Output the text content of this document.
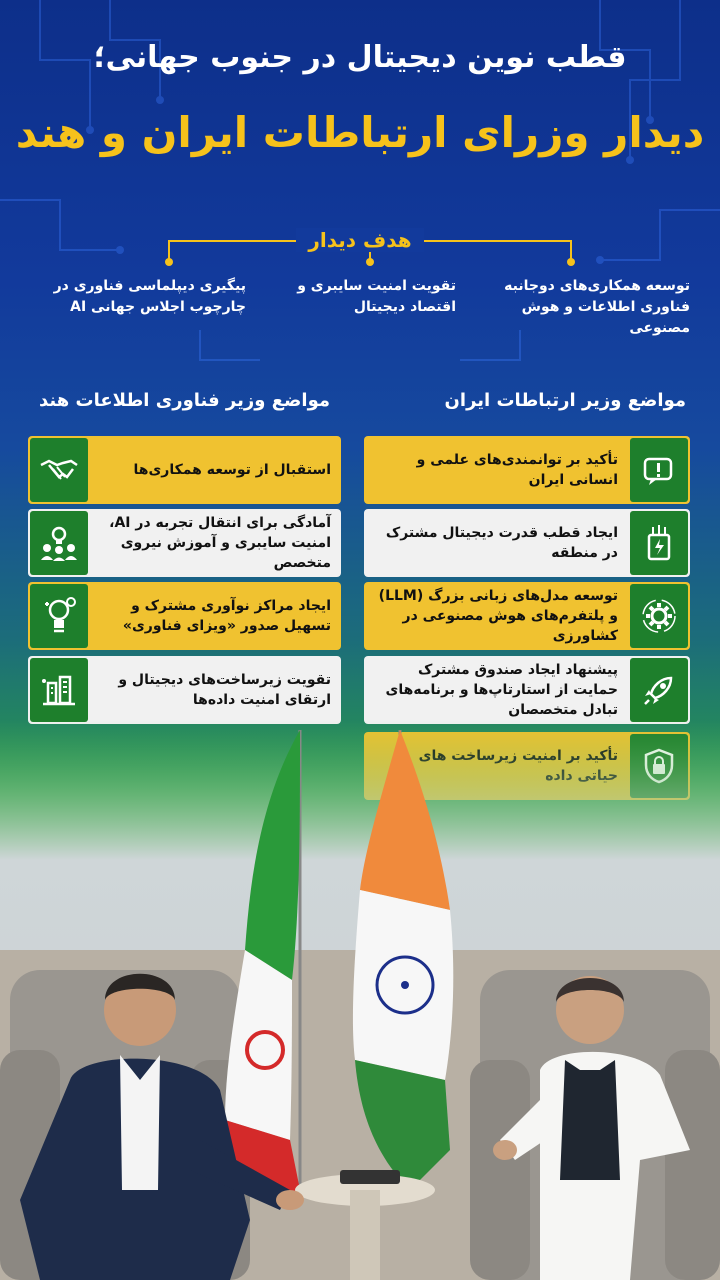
قطب نوین دیجیتال در جنوب جهانی؛
دیدار وزرای ارتباطات ایران و هند
هدف دیدار
توسعه همکاری‌های دوجانبه فناوری اطلاعات و هوش مصنوعی
تقویت امنیت سایبری و اقتصاد دیجیتال
پیگیری دیپلماسی فناوری در چارچوب اجلاس جهانی AI
مواضع وزیر ارتباطات ایران
مواضع وزیر فناوری اطلاعات هند
تأکید بر توانمندی‌های علمی و انسانی ایران
ایجاد قطب قدرت دیجیتال مشترک در منطقه
توسعه مدل‌های زبانی بزرگ (LLM) و پلتفرم‌های هوش مصنوعی در کشاورزی
پیشنهاد ایجاد صندوق مشترک حمایت از استارتاپ‌ها و برنامه‌های تبادل متخصصان
استقبال از توسعه همکاری‌ها
آمادگی برای انتقال تجربه در AI، امنیت سایبری و آموزش نیروی متخصص
ایجاد مراکز نوآوری مشترک و تسهیل صدور «ویزای فناوری»
تقویت زیرساخت‌های دیجیتال و ارتقای امنیت داده‌ها
